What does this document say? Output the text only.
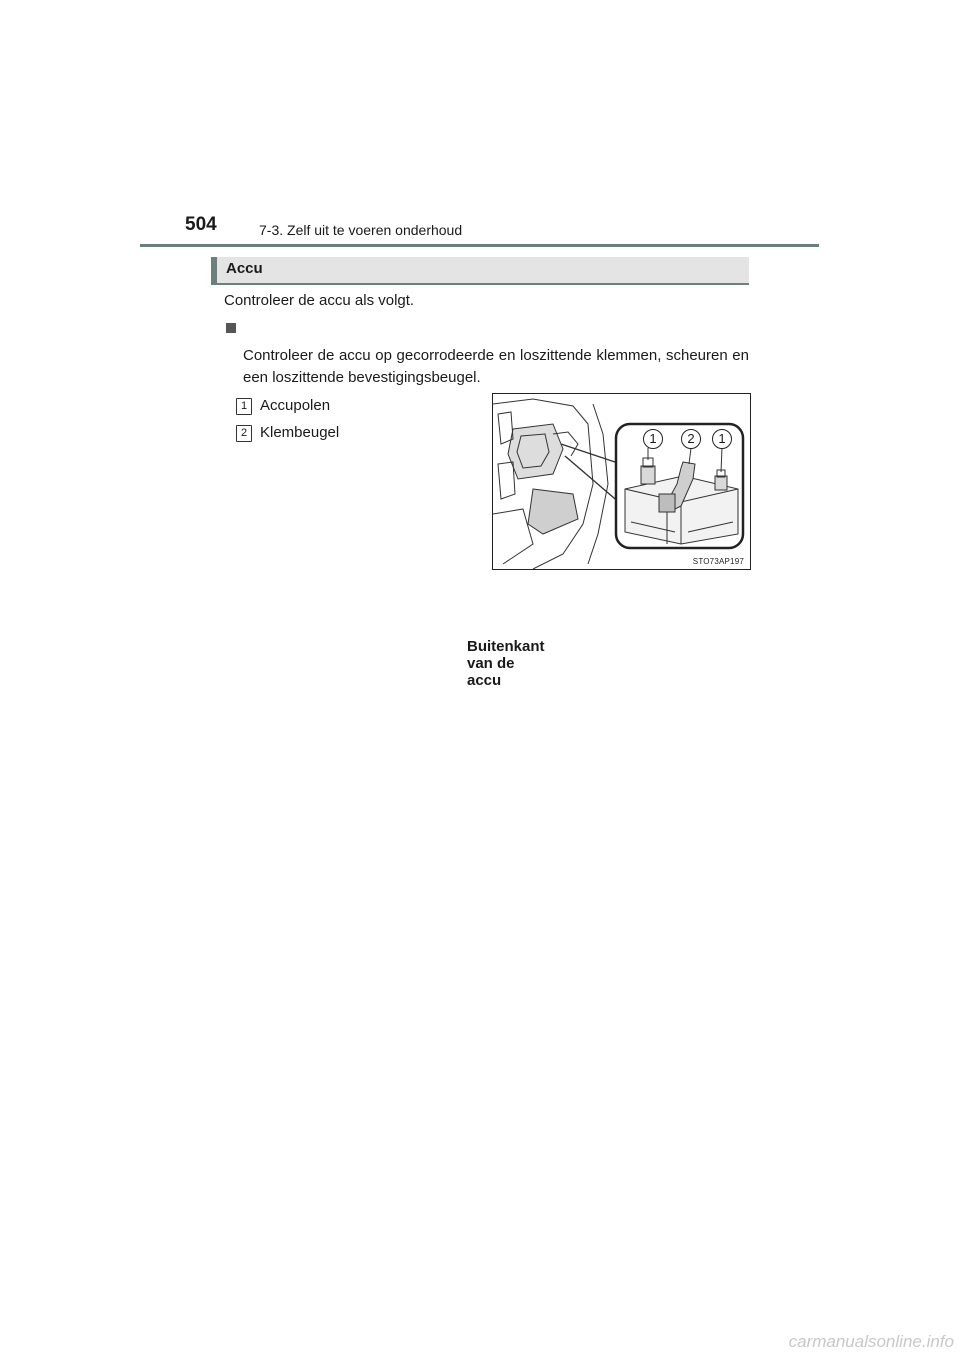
504	7-3. Zelf uit te voeren onderhoud
Accu
Controleer de accu als volgt.
Buitenkant van de accu
Controleer de accu op gecorrodeerde en loszittende klemmen, scheuren en een loszittende bevestigingsbeugel.
1 Accupolen
2 Klembeugel	1	2	1
STO73AP197
carmanualsonline.info
